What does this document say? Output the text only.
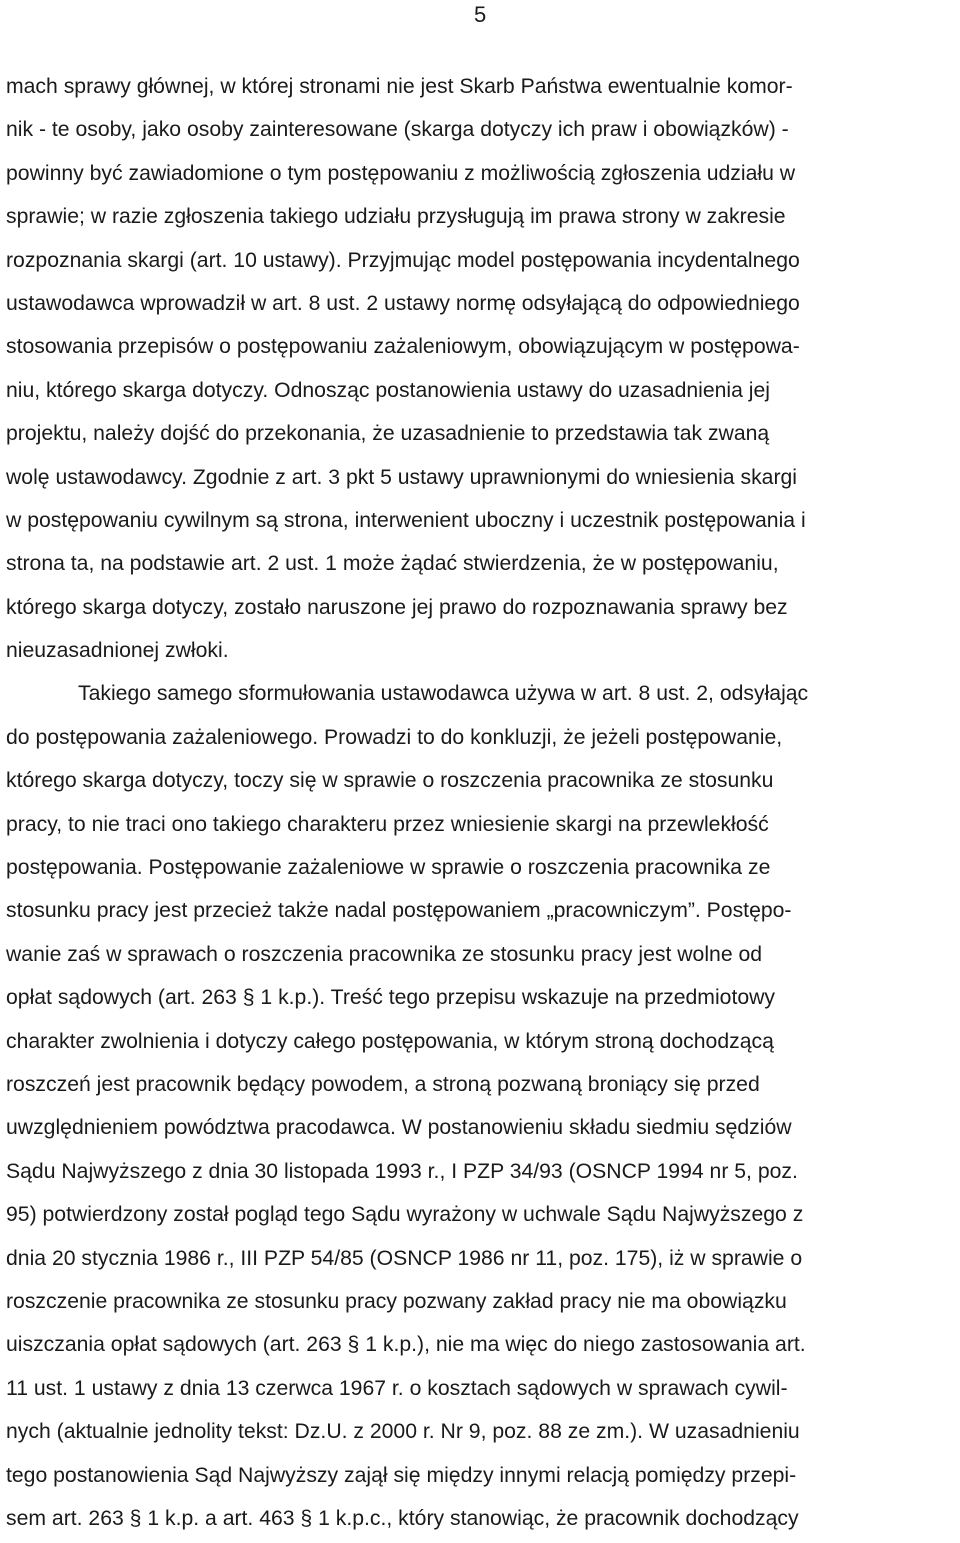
5
mach sprawy głównej, w której stronami nie jest Skarb Państwa ewentualnie komor-
nik - te osoby, jako osoby zainteresowane (skarga dotyczy ich praw i obowiązków) -
powinny być zawiadomione o tym postępowaniu z możliwością zgłoszenia udziału w
sprawie; w razie zgłoszenia takiego udziału przysługują im prawa strony w zakresie
rozpoznania skargi (art. 10 ustawy). Przyjmując model postępowania incydentalnego
ustawodawca wprowadził w art. 8 ust. 2 ustawy normę odsyłającą do odpowiedniego
stosowania przepisów o postępowaniu zażaleniowym, obowiązującym w postępowa-
niu, którego skarga dotyczy. Odnosząc postanowienia ustawy do uzasadnienia jej
projektu, należy dojść do przekonania, że uzasadnienie to przedstawia tak zwaną
wolę ustawodawcy. Zgodnie z art. 3 pkt 5 ustawy uprawnionymi do wniesienia skargi
w postępowaniu cywilnym są strona, interwenient uboczny i uczestnik postępowania i
strona ta, na podstawie art. 2 ust. 1 może żądać stwierdzenia, że w postępowaniu,
którego skarga dotyczy, zostało naruszone jej prawo do rozpoznawania sprawy bez
nieuzasadnionej zwłoki.
Takiego samego sformułowania ustawodawca używa w art. 8 ust. 2, odsyłając
do postępowania zażaleniowego. Prowadzi to do konkluzji, że jeżeli postępowanie,
którego skarga dotyczy, toczy się w sprawie o roszczenia pracownika ze stosunku
pracy, to nie traci ono takiego charakteru przez wniesienie skargi na przewlekłość
postępowania. Postępowanie zażaleniowe w sprawie o roszczenia pracownika ze
stosunku pracy jest przecież także nadal postępowaniem „pracowniczym”. Postępo-
wanie zaś w sprawach o roszczenia pracownika ze stosunku pracy jest wolne od
opłat sądowych (art. 263 § 1 k.p.). Treść tego przepisu wskazuje na przedmiotowy
charakter zwolnienia i dotyczy całego postępowania, w którym stroną dochodzącą
roszczeń jest pracownik będący powodem, a stroną pozwaną broniący się przed
uwzględnieniem powództwa pracodawca. W postanowieniu składu siedmiu sędziów
Sądu Najwyższego z dnia 30 listopada 1993 r., I PZP 34/93 (OSNCP 1994 nr 5, poz.
95) potwierdzony został pogląd tego Sądu wyrażony w uchwale Sądu Najwyższego z
dnia 20 stycznia 1986 r., III PZP 54/85 (OSNCP 1986 nr 11, poz. 175), iż w sprawie o
roszczenie pracownika ze stosunku pracy pozwany zakład pracy nie ma obowiązku
uiszczania opłat sądowych (art. 263 § 1 k.p.), nie ma więc do niego zastosowania art.
11 ust. 1 ustawy z dnia 13 czerwca 1967 r. o kosztach sądowych w sprawach cywil-
nych (aktualnie jednolity tekst: Dz.U. z 2000 r. Nr 9, poz. 88 ze zm.). W uzasadnieniu
tego postanowienia Sąd Najwyższy zajął się między innymi relacją pomiędzy przepi-
sem art. 263 § 1 k.p. a art. 463 § 1 k.p.c., który stanowiąc, że pracownik dochodzący
